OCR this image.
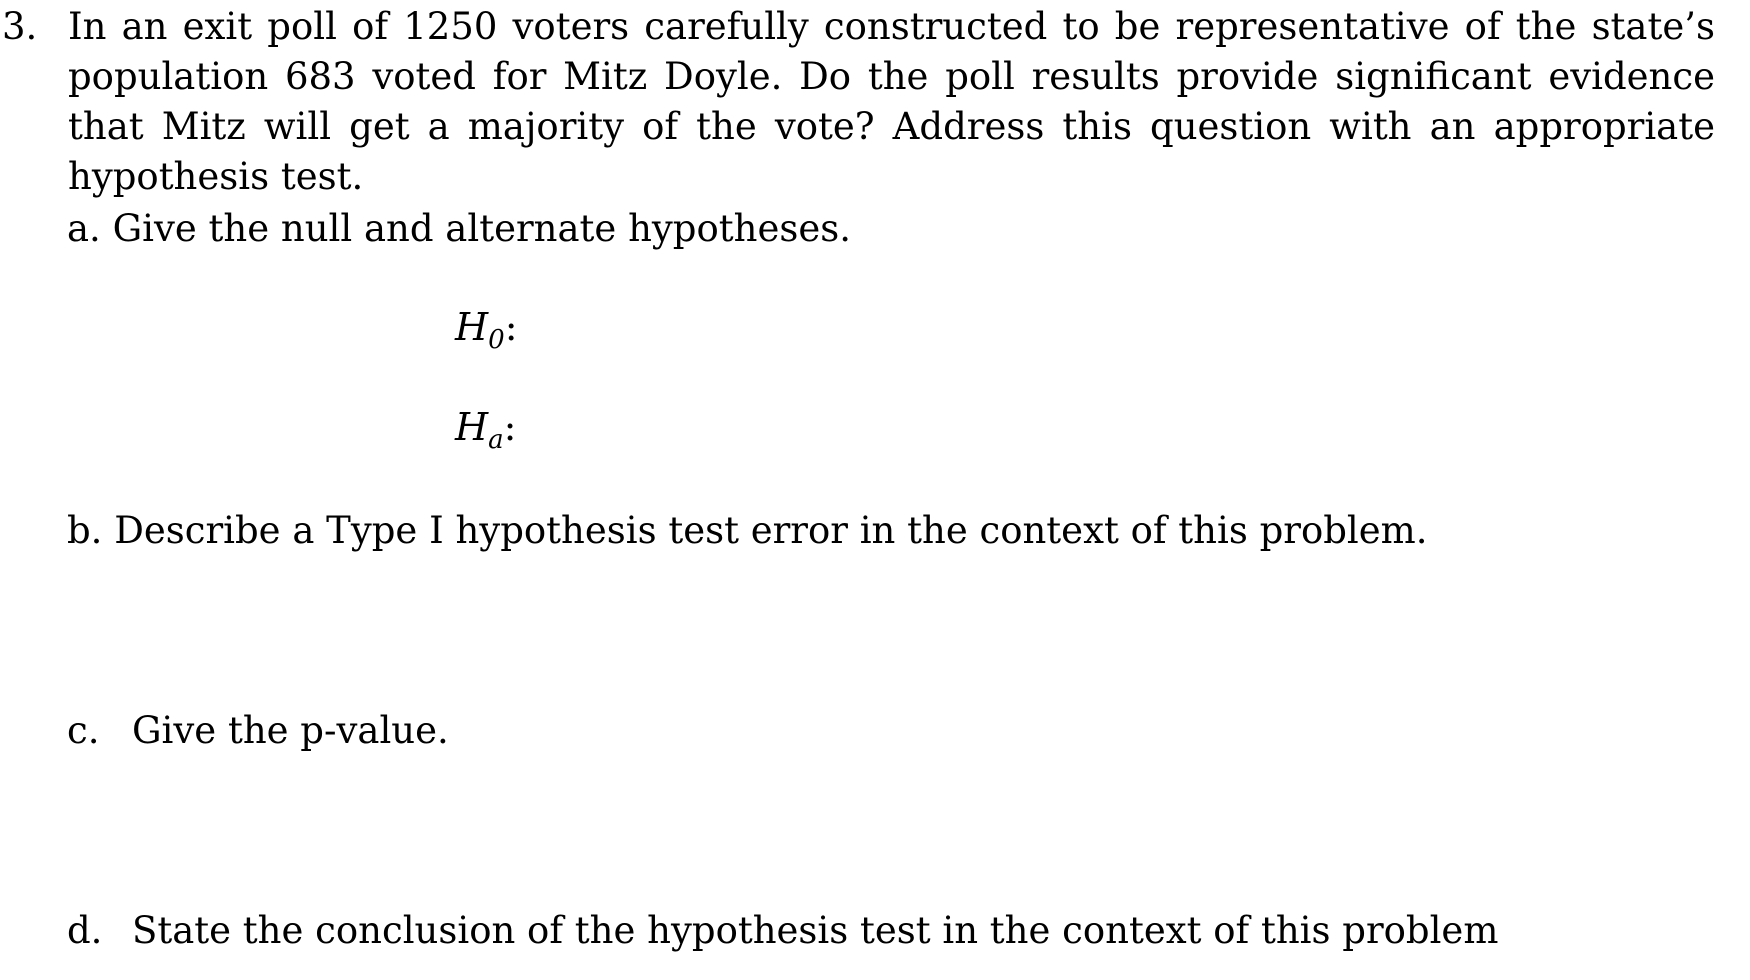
3. In an exit poll of 1250 voters carefully constructed to be representative of the state’s population 683 voted for Mitz Doyle. Do the poll results provide significant evidence that Mitz will get a majority of the vote? Address this question with an appropriate hypothesis test.
a. Give the null and alternate hypotheses.
$H_0$:
$H_a$:
b. Describe a Type I hypothesis test error in the context of this problem.
c. Give the p-value.
d. State the conclusion of the hypothesis test in the context of this problem
